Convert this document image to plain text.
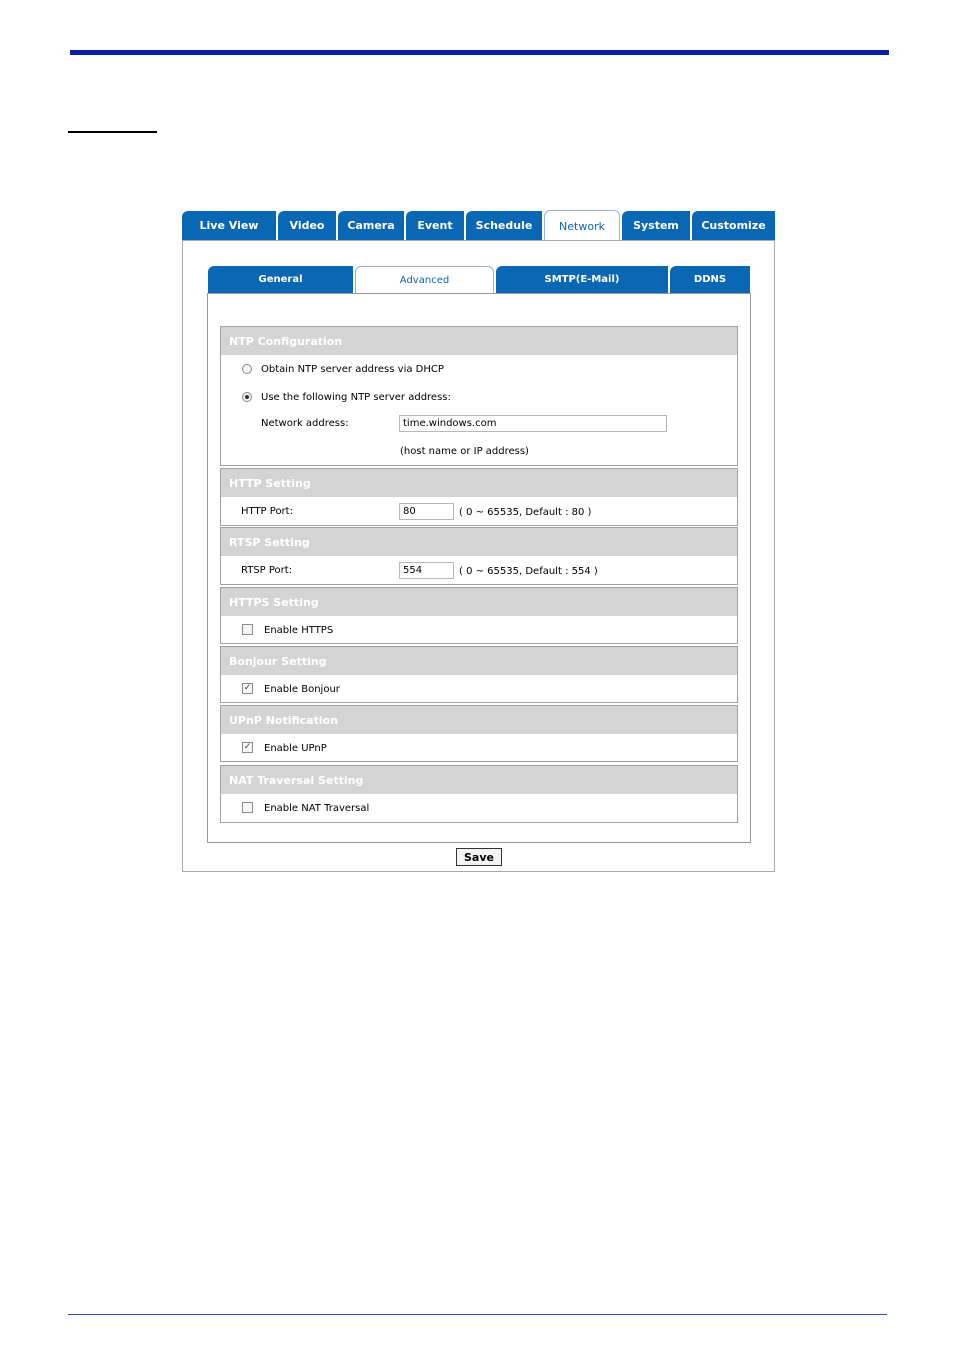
Live View	Video	Camera	Event	Schedule	Network	System	Customize
General	Advanced	SMTP(E-Mail)	DDNS
NTP Configuration
Obtain NTP server address via DHCP
Use the following NTP server address:
Network address:
time.windows.com
(host name or IP address)
HTTP Setting
HTTP Port:
80	( 0 ~ 65535, Default : 80 )
RTSP Setting
RTSP Port:
554	( 0 ~ 65535, Default : 554 )
HTTPS Setting
Enable HTTPS
Bonjour Setting
✓ Enable Bonjour
UPnP Notification
✓ Enable UPnP
NAT Traversal Setting
Enable NAT Traversal
Save
